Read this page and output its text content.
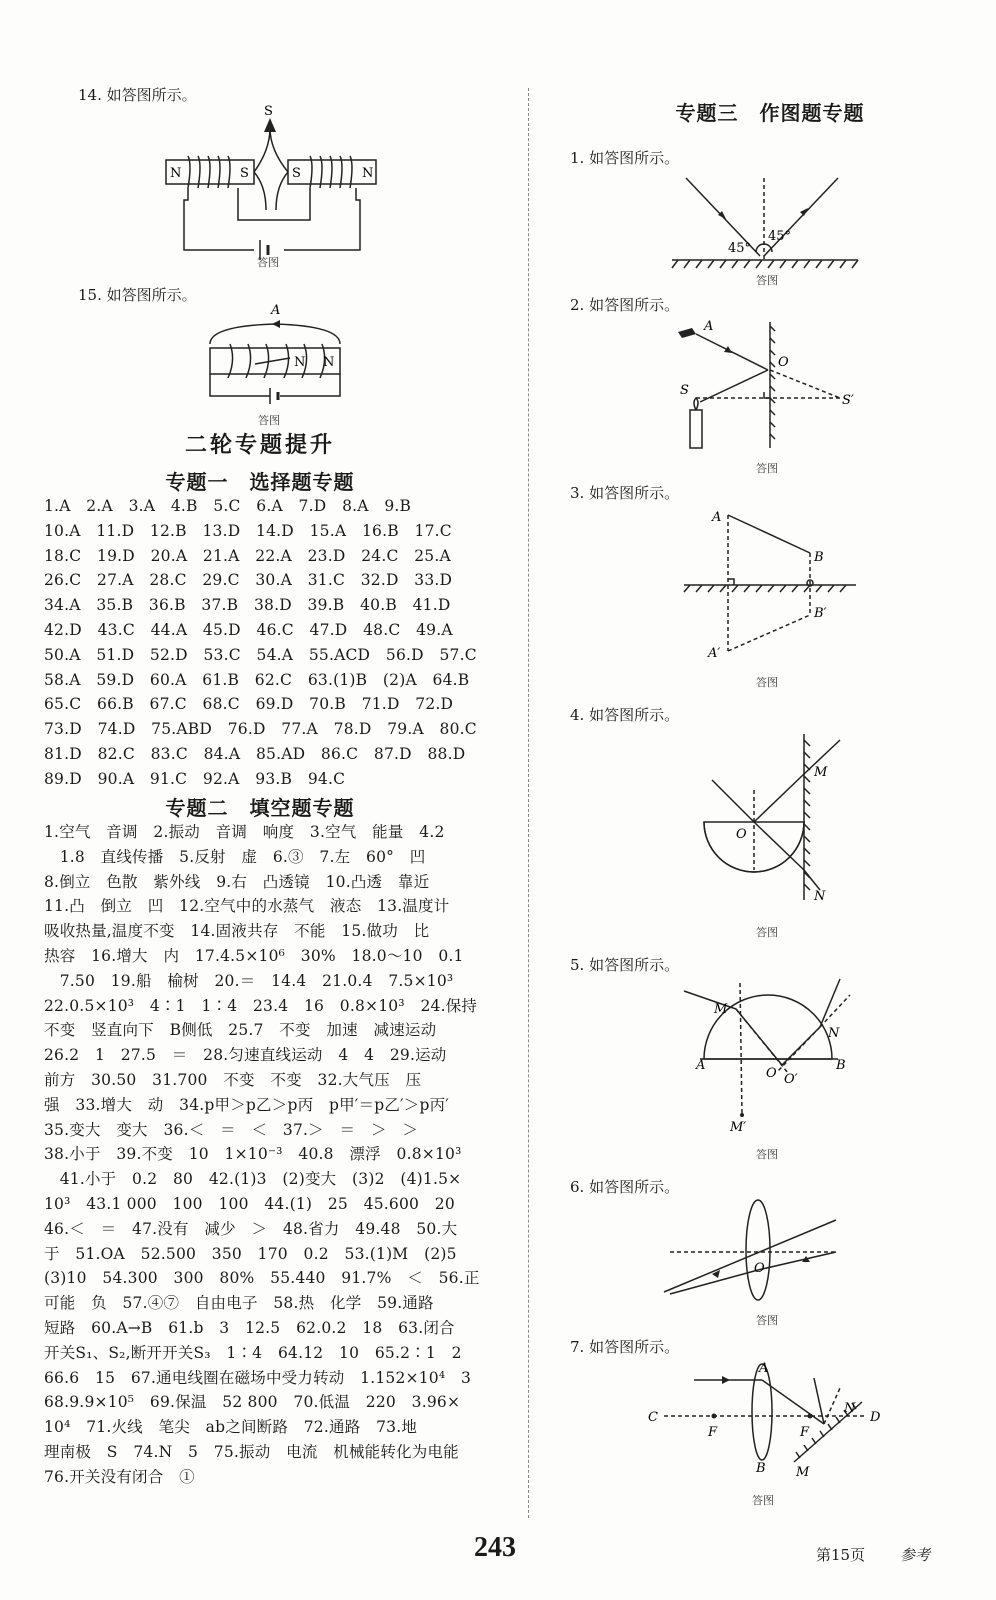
14. 如答图所示。
S
N	S	S	N
答图
15. 如答图所示。
A
N N
答图
二轮专题提升
专题一　选择题专题
1.A　2.A　3.A　4.B　5.C　6.A　7.D　8.A　9.B
10.A　11.D　12.B　13.D　14.D　15.A　16.B　17.C
18.C　19.D　20.A　21.A　22.A　23.D　24.C　25.A
26.C　27.A　28.C　29.C　30.A　31.C　32.D　33.D
34.A　35.B　36.B　37.B　38.D　39.B　40.B　41.D
42.D　43.C　44.A　45.D　46.C　47.D　48.C　49.A
50.A　51.D　52.D　53.C　54.A　55.ACD　56.D　57.C
58.A　59.D　60.A　61.B　62.C　63.(1)B　(2)A　64.B
65.C　66.B　67.C　68.C　69.D　70.B　71.D　72.D
73.D　74.D　75.ABD　76.D　77.A　78.D　79.A　80.C
81.D　82.C　83.C　84.A　85.AD　86.C　87.D　88.D
89.D　90.A　91.C　92.A　93.B　94.C
专题二　填空题专题
1.空气　音调　2.振动　音调　响度　3.空气　能量　4.2
　1.8　直线传播　5.反射　虚　6.③　7.左　60°　凹
8.倒立　色散　紫外线　9.右　凸透镜　10.凸透　靠近
11.凸　倒立　凹　12.空气中的水蒸气　液态　13.温度计
吸收热量,温度不变　14.固液共存　不能　15.做功　比
热容　16.增大　内　17.4.5×10⁶　30%　18.0～10　0.1
　7.50　19.船　榆树　20.＝　14.4　21.0.4　7.5×10³
22.0.5×10³　4∶1　1∶4　23.4　16　0.8×10³　24.保持
不变　竖直向下　B侧低　25.7　不变　加速　减速运动
26.2　1　27.5　＝　28.匀速直线运动　4　4　29.运动
前方　30.50　31.700　不变　不变　32.大气压　压
强　33.增大　动　34.p甲＞p乙＞p丙　p甲′＝p乙′＞p丙′
35.变大　变大　36.＜　＝　＜　37.＞　＝　＞　＞
38.小于　39.不变　10　1×10⁻³　40.8　漂浮　0.8×10³
　41.小于　0.2　80　42.(1)3　(2)变大　(3)2　(4)1.5×
10³　43.1 000　100　100　44.(1)　25　45.600　20
46.＜　＝　47.没有　减少　＞　48.省力　49.48　50.大
于　51.OA　52.500　350　170　0.2　53.(1)M　(2)5
(3)10　54.300　300　80%　55.440　91.7%　＜　56.正
可能　负　57.④⑦　自由电子　58.热　化学　59.通路
短路　60.A→B　61.b　3　12.5　62.0.2　18　63.闭合
开关S₁、S₂,断开开关S₃　1∶4　64.12　10　65.2∶1　2
66.6　15　67.通电线圈在磁场中受力转动　1.152×10⁴　3
68.9.9×10⁵　69.保温　52 800　70.低温　220　3.96×
10⁴　71.火线　笔尖　ab之间断路　72.通路　73.地
理南极　S　74.N　5　75.振动　电流　机械能转化为电能
76.开关没有闭合　①
专题三　作图题专题
1. 如答图所示。
45°
45°
答图
2. 如答图所示。
A
O
S
S′
答图
3. 如答图所示。
A
B
B′
A′
答图
4. 如答图所示。
M
O
N
答图
5. 如答图所示。
M
N
A
O O′
B
M′
答图
6. 如答图所示。
O
答图
7. 如答图所示。
A
C
F	F
N
D
B M
答图
243	第15页 参考
